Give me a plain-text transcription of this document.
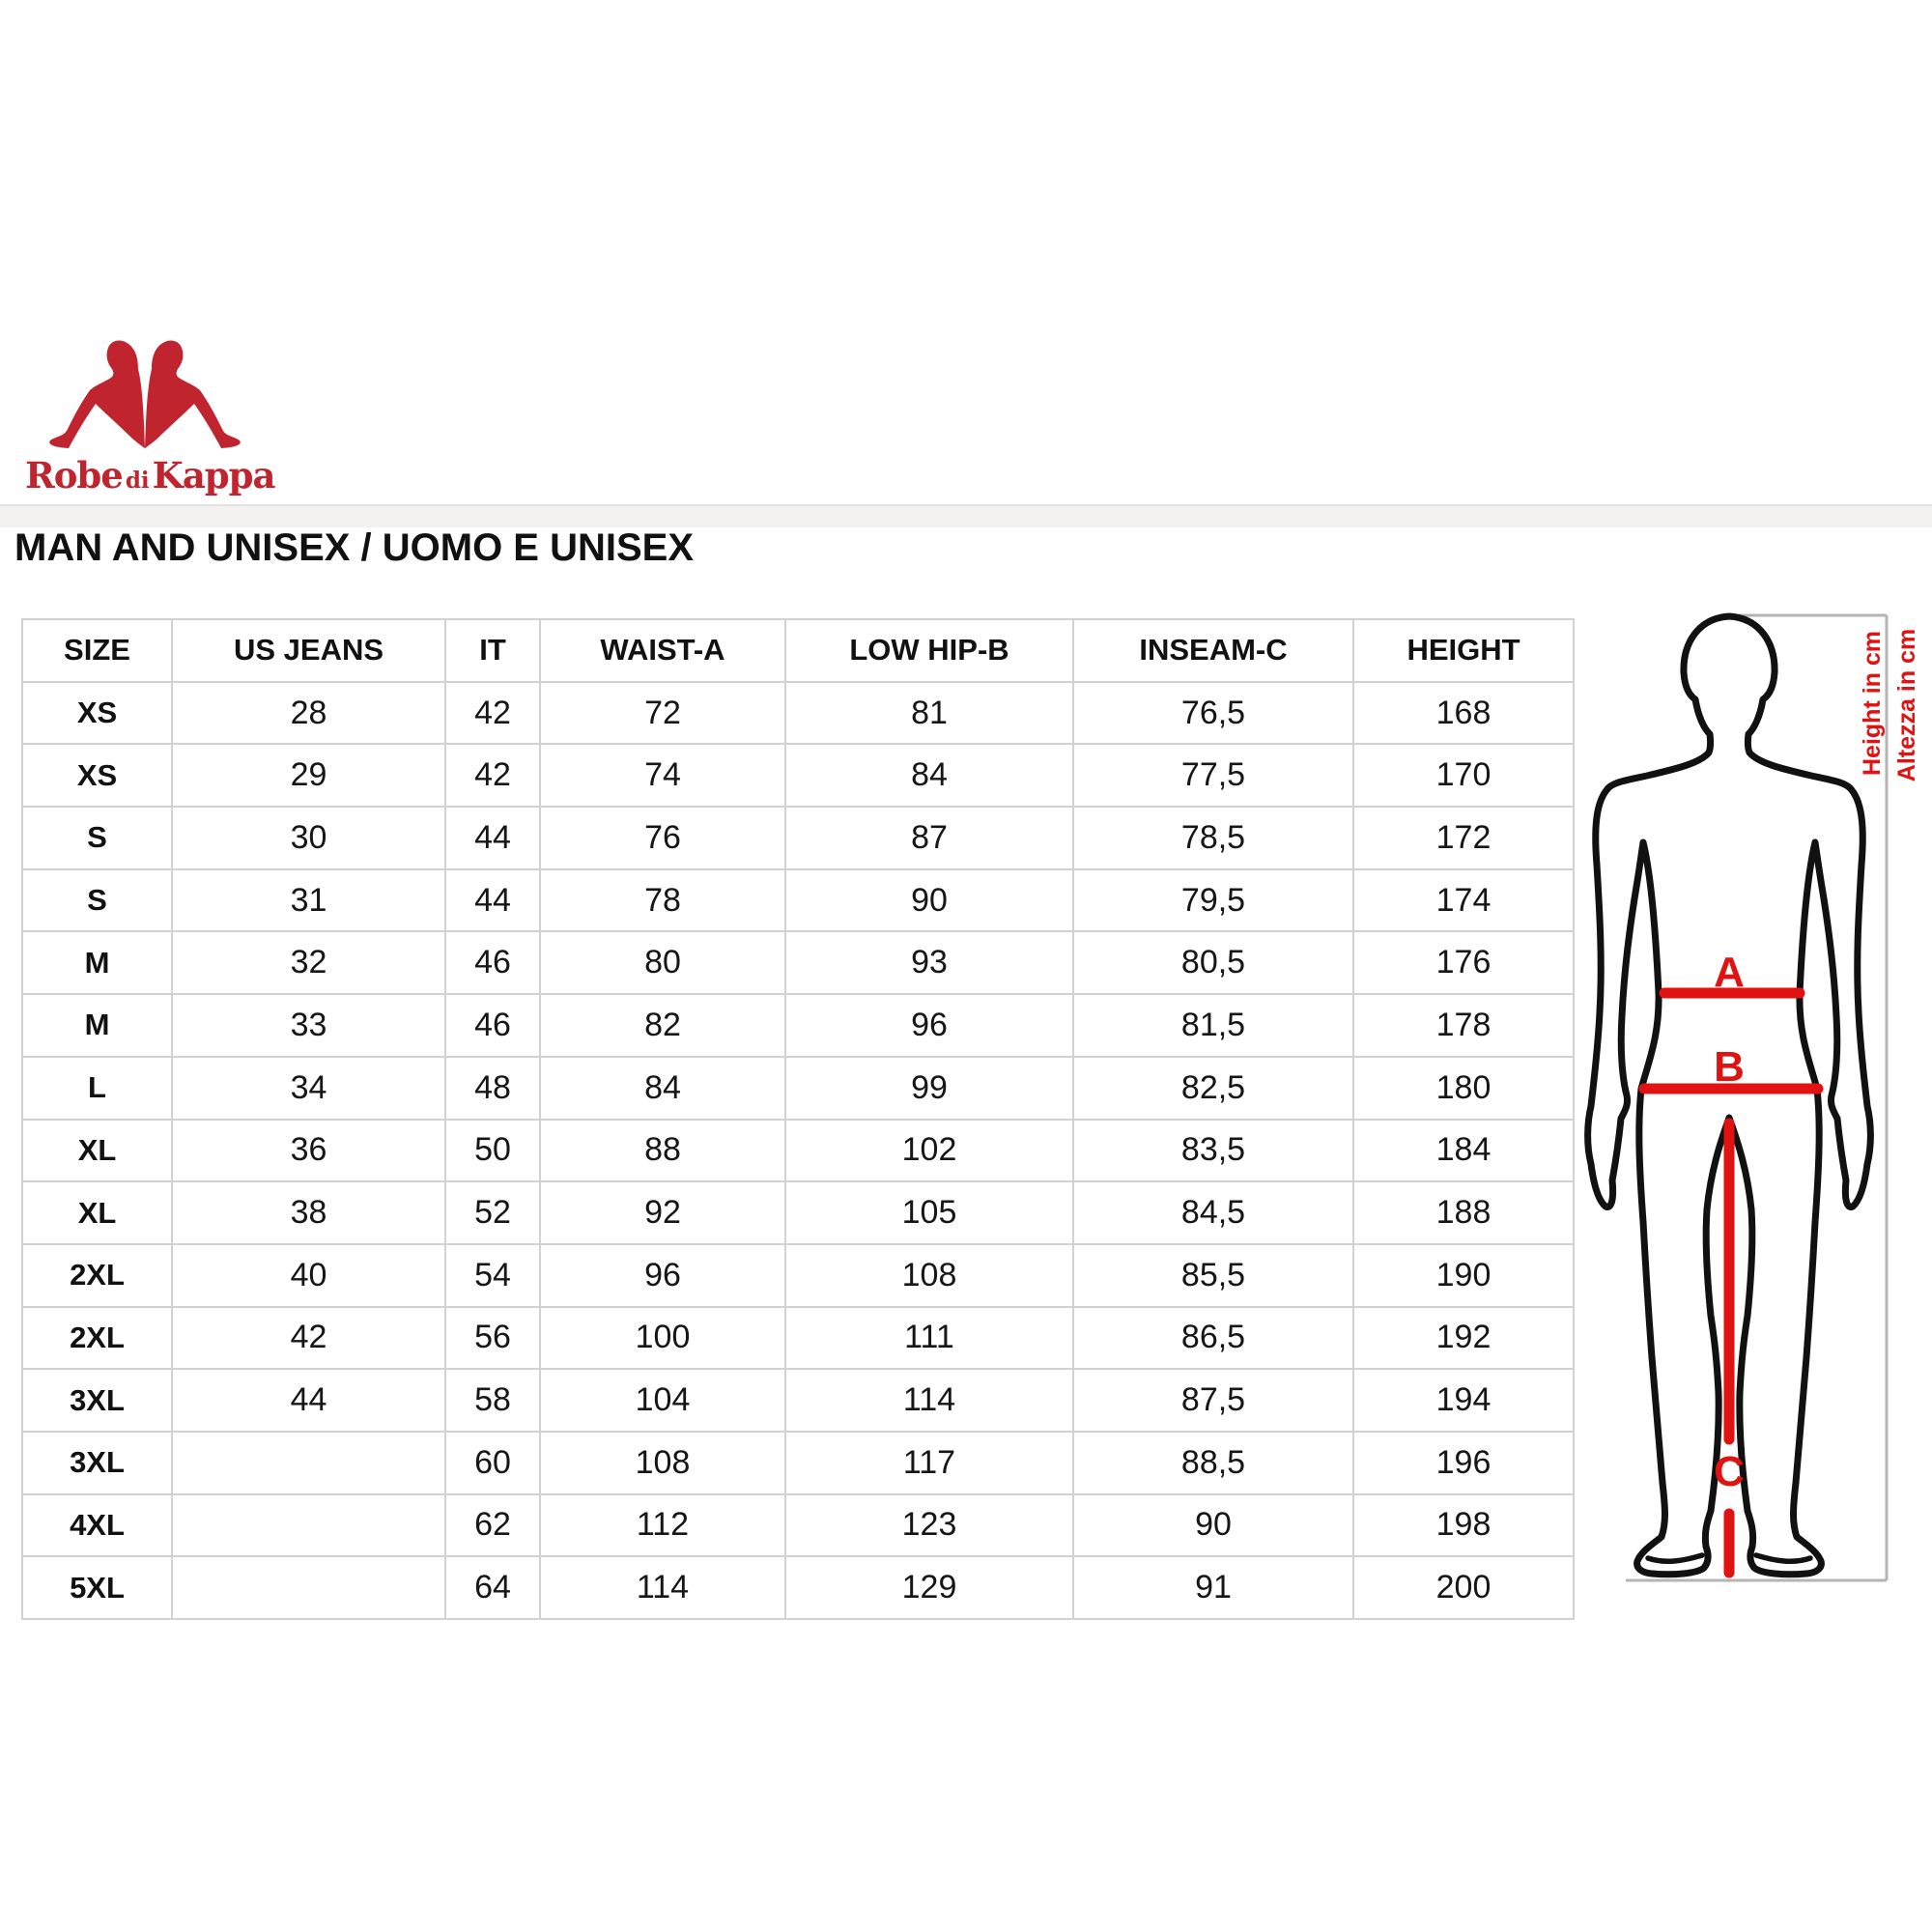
Robe diKappa
MAN AND UNISEX / UOMO E UNISEX
SIZE	US JEANS	IT	WAIST-A	LOW HIP-B	INSEAM-C	HEIGHT
XS	28	42	72	81	76,5	168
XS	29	42	74	84	77,5	170
S	30	44	76	87	78,5	172
S	31	44	78	90	79,5	174
M	32	46	80	93	80,5	176
M	33	46	82	96	81,5	178
L	34	48	84	99	82,5	180
XL	36	50	88	102	83,5	184
XL	38	52	92	105	84,5	188
2XL	40	54	96	108	85,5	190
2XL	42	56	100	111	86,5	192
3XL	44	58	104	114	87,5	194
3XL		60	108	117	88,5	196
4XL		62	112	123	90	198
5XL		64	114	129	91	200
A
B
C
Height in cm Altezza in cm
